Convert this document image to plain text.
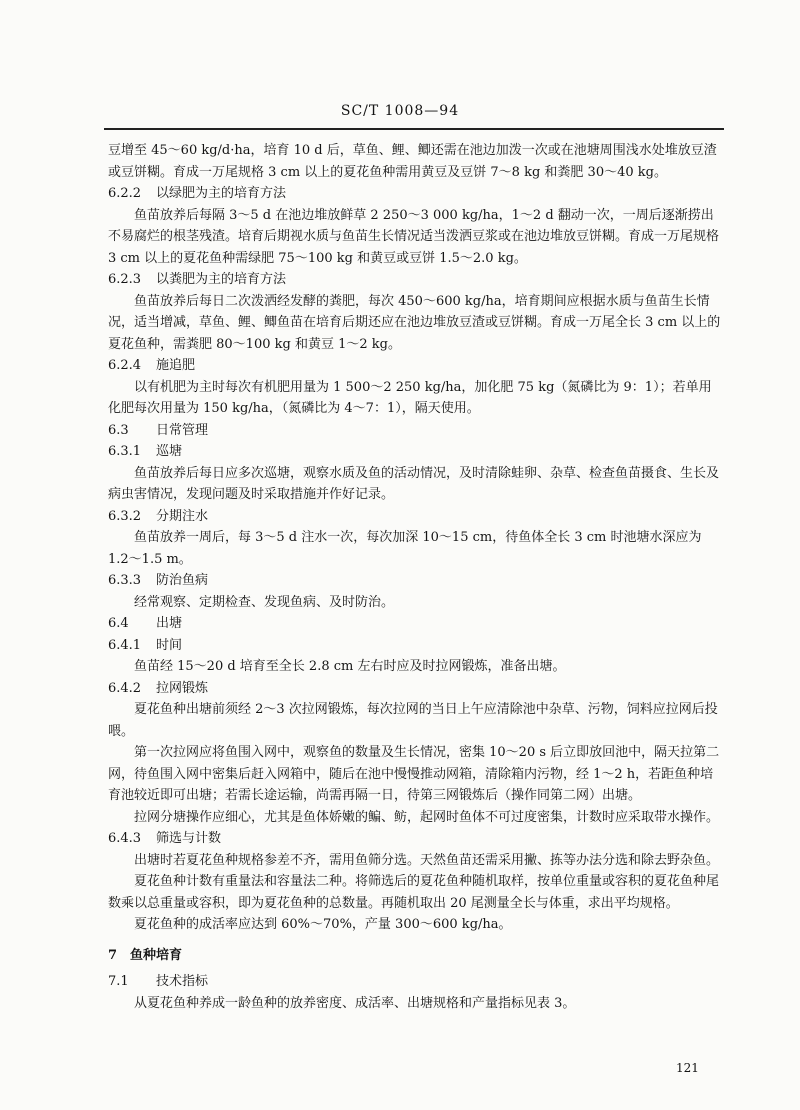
SC/T 1008—94

豆增至 45～60 kg/d·ha，培育 10 d 后，草鱼、鲤、鲫还需在池边加泼一次或在池塘周围浅水处堆放豆渣或豆饼糊。育成一万尾规格 3 cm 以上的夏花鱼种需用黄豆及豆饼 7～8 kg 和粪肥 30～40 kg。

6.2.2 以绿肥为主的培育方法

鱼苗放养后每隔 3～5 d 在池边堆放鲜草 2 250～3 000 kg/ha，1～2 d 翻动一次，一周后逐渐捞出不易腐烂的根茎残渣。培育后期视水质与鱼苗生长情况适当泼洒豆浆或在池边堆放豆饼糊。育成一万尾规格 3 cm 以上的夏花鱼种需绿肥 75～100 kg 和黄豆或豆饼 1.5～2.0 kg。

6.2.3 以粪肥为主的培育方法

鱼苗放养后每日二次泼洒经发酵的粪肥，每次 450～600 kg/ha，培育期间应根据水质与鱼苗生长情况，适当增减，草鱼、鲤、鲫鱼苗在培育后期还应在池边堆放豆渣或豆饼糊。育成一万尾全长 3 cm 以上的夏花鱼种，需粪肥 80～100 kg 和黄豆 1～2 kg。

6.2.4 施追肥

以有机肥为主时每次有机肥用量为 1 500～2 250 kg/ha，加化肥 75 kg（氮磷比为 9：1）；若单用化肥每次用量为 150 kg/ha，（氮磷比为 4～7：1），隔天使用。

6.3 日常管理

6.3.1 巡塘

鱼苗放养后每日应多次巡塘，观察水质及鱼的活动情况，及时清除蛙卵、杂草、检查鱼苗摄食、生长及病虫害情况，发现问题及时采取措施并作好记录。

6.3.2 分期注水

鱼苗放养一周后，每 3～5 d 注水一次，每次加深 10～15 cm，待鱼体全长 3 cm 时池塘水深应为 1.2～1.5 m。

6.3.3 防治鱼病

经常观察、定期检查、发现鱼病、及时防治。

6.4 出塘

6.4.1 时间

鱼苗经 15～20 d 培育至全长 2.8 cm 左右时应及时拉网锻炼，准备出塘。

6.4.2 拉网锻炼

夏花鱼种出塘前须经 2～3 次拉网锻炼，每次拉网的当日上午应清除池中杂草、污物，饲料应拉网后投喂。

第一次拉网应将鱼围入网中，观察鱼的数量及生长情况，密集 10～20 s 后立即放回池中，隔天拉第二网，待鱼围入网中密集后赶入网箱中，随后在池中慢慢推动网箱，清除箱内污物，经 1～2 h，若距鱼种培育池较近即可出塘；若需长途运输，尚需再隔一日，待第三网锻炼后（操作同第二网）出塘。

拉网分塘操作应细心，尤其是鱼体娇嫩的鳊、鲂，起网时鱼体不可过度密集，计数时应采取带水操作。

6.4.3 筛选与计数

出塘时若夏花鱼种规格参差不齐，需用鱼筛分选。天然鱼苗还需采用撇、拣等办法分选和除去野杂鱼。

夏花鱼种计数有重量法和容量法二种。将筛选后的夏花鱼种随机取样，按单位重量或容积的夏花鱼种尾数乘以总重量或容积，即为夏花鱼种的总数量。再随机取出 20 尾测量全长与体重，求出平均规格。

夏花鱼种的成活率应达到 60%～70%，产量 300～600 kg/ha。

7 鱼种培育

7.1 技术指标

从夏花鱼种养成一龄鱼种的放养密度、成活率、出塘规格和产量指标见表 3。

121
